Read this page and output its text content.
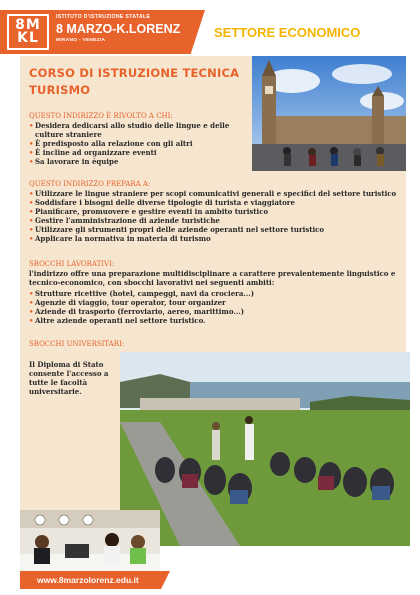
8M
KL
ISTITUTO D'ISTRUZIONE STATALE
8 MARZO-K.LORENZ
MIRANO - VENEZIA
SETTORE ECONOMICO
CORSO DI ISTRUZIONE TECNICA
TURISMO
QUESTO INDIRIZZO È RIVOLTO A CHI:
• Desidera dedicarsi allo studio delle lingue e delle culture straniere
• È predisposto alla relazione con gli altri
• È incline ad organizzare eventi
• Sa lavorare in équipe
QUESTO INDIRIZZO PREPARA A:
• Utilizzare le lingue straniere per scopi comunicativi generali e specifici del settore turistico
• Soddisfare i bisogni delle diverse tipologie di turista e viaggiatore
• Pianificare, promuovere e gestire eventi in ambito turistico
• Gestire l'amministrazione di aziende turistiche
• Utilizzare gli strumenti propri delle aziende operanti nel settore turistico
• Applicare la normativa in materia di turismo
SBOCCHI LAVORATIVI:
l'indirizzo offre una preparazione multidisciplinare a carattere prevalentemente linguistico e tecnico-economico, con sbocchi lavorativi nei seguenti ambiti:
• Strutture ricettive (hotel, campeggi, navi da crociera...)
• Agenzie di viaggio, tour operator, tour organizer
• Aziende di trasporto (ferroviario, aereo, marittimo...)
• Altre aziende operanti nel settore turistico.
SBOCCHI UNIVERSITARI:
Il Diploma di Stato consente l'accesso a tutte le facoltà universitarie.
www.8marzolorenz.edu.it
